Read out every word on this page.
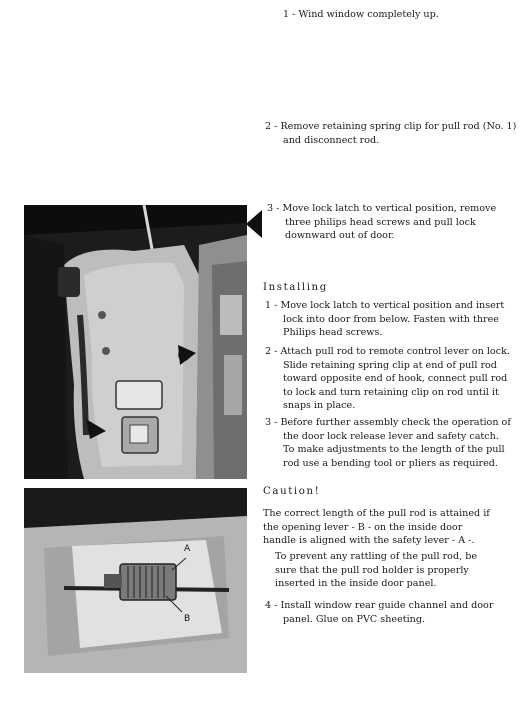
1 - Wind window completely up.
2 - Remove retaining spring clip for pull rod (No. 1) and disconnect rod.
3 - Move lock latch to vertical position, remove three philips head screws and pull lock downward out of door.
Installing
1 - Move lock latch to vertical position and insert lock into door from below. Fasten with three Philips head screws.
2 - Attach pull rod to remote control lever on lock. Slide retaining spring clip at end of pull rod toward opposite end of hook, connect pull rod to lock and turn retaining clip on rod until it snaps in place.
3 - Before further assembly check the operation of the door lock release lever and safety catch. To make adjustments to the length of the pull rod use a bending tool or pliers as required.
A
B
Caution!
The correct length of the pull rod is attained if the opening lever - B - on the inside door handle is aligned with the safety lever - A -.
To prevent any rattling of the pull rod, be sure that the pull rod holder is properly inserted in the inside door panel.
4 - Install window rear guide channel and door panel. Glue on PVC sheeting.
